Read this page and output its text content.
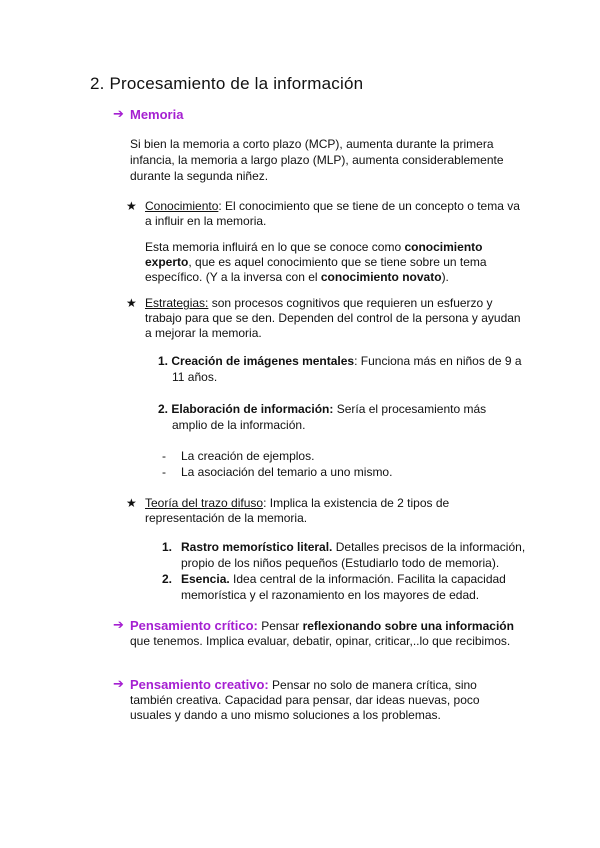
2. Procesamiento de la información
➔ Memoria
Si bien la memoria a corto plazo (MCP), aumenta durante la primera
infancia, la memoria a largo plazo (MLP), aumenta considerablemente
durante la segunda niñez.
★ Conocimiento: El conocimiento que se tiene de un concepto o tema va
a influir en la memoria.
Esta memoria influirá en lo que se conoce como conocimiento
experto, que es aquel conocimiento que se tiene sobre un tema
específico. (Y a la inversa con el conocimiento novato).
★ Estrategias: son procesos cognitivos que requieren un esfuerzo y
trabajo para que se den. Dependen del control de la persona y ayudan
a mejorar la memoria.
1. Creación de imágenes mentales: Funciona más en niños de 9 a
11 años.
2. Elaboración de información: Sería el procesamiento más
amplio de la información.
- La creación de ejemplos.
- La asociación del temario a uno mismo.
★ Teoría del trazo difuso: Implica la existencia de 2 tipos de
representación de la memoria.
1. Rastro memorístico literal. Detalles precisos de la información,
propio de los niños pequeños (Estudiarlo todo de memoria).
2. Esencia. Idea central de la información. Facilita la capacidad
memorística y el razonamiento en los mayores de edad.
➔ Pensamiento crítico: Pensar reflexionando sobre una información
que tenemos. Implica evaluar, debatir, opinar, criticar,..lo que recibimos.
➔ Pensamiento creativo: Pensar no solo de manera crítica, sino
también creativa. Capacidad para pensar, dar ideas nuevas, poco
usuales y dando a uno mismo soluciones a los problemas.
